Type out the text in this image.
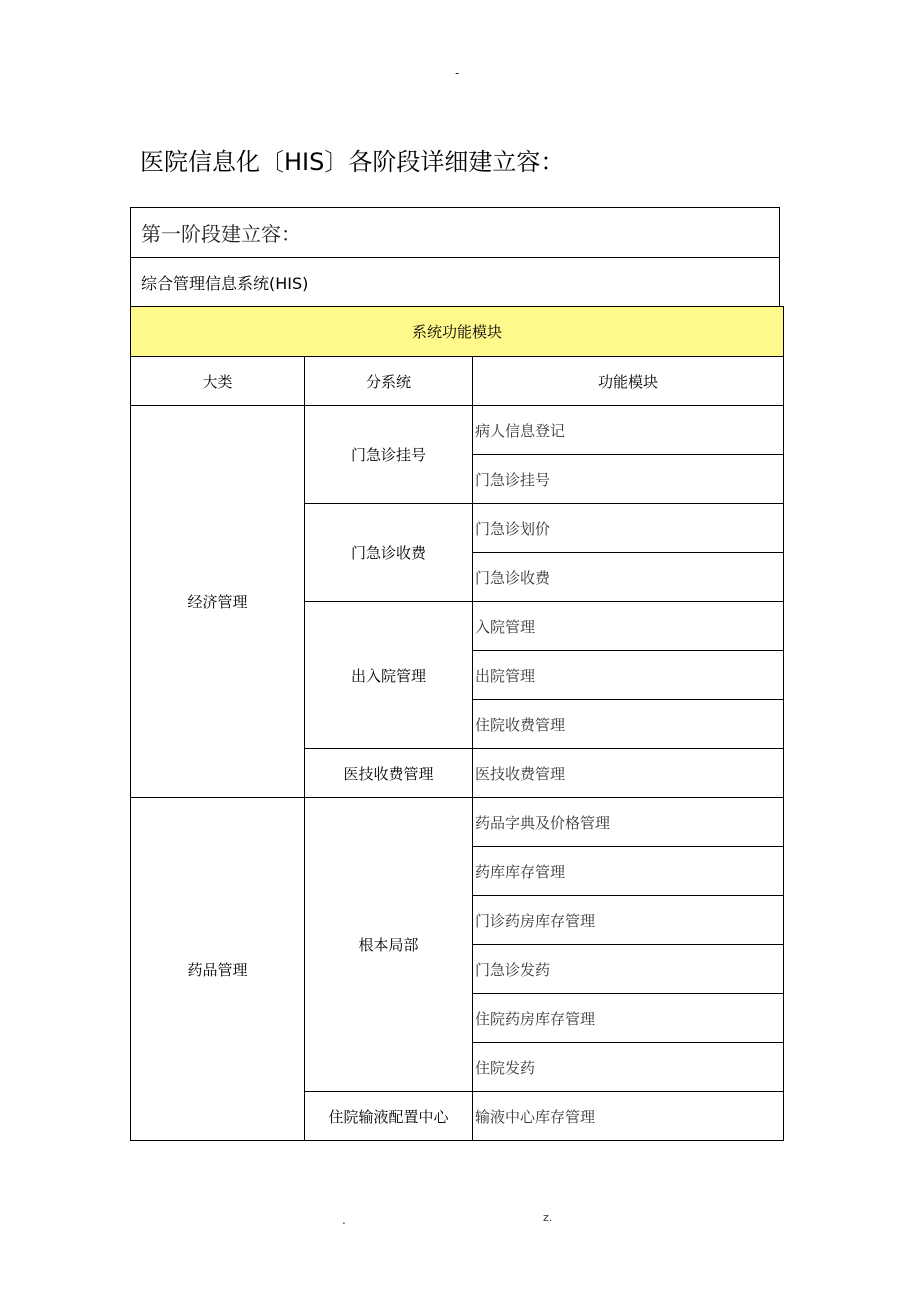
-
医院信息化〔HIS〕各阶段详细建立容：
第一阶段建立容：
综合管理信息系统(HIS)
系统功能模块		
大类	分系统	功能模块
经济管理	门急诊挂号	病人信息登记
		门急诊挂号
	门急诊收费	门急诊划价
		门急诊收费
	出入院管理	入院管理
		出院管理
		住院收费管理
	医技收费管理	医技收费管理
药品管理	根本局部	药品字典及价格管理
		药库库存管理
		门诊药房库存管理
		门急诊发药
		住院药房库存管理
		住院发药
	住院输液配置中心	输液中心库存管理
.	z.
